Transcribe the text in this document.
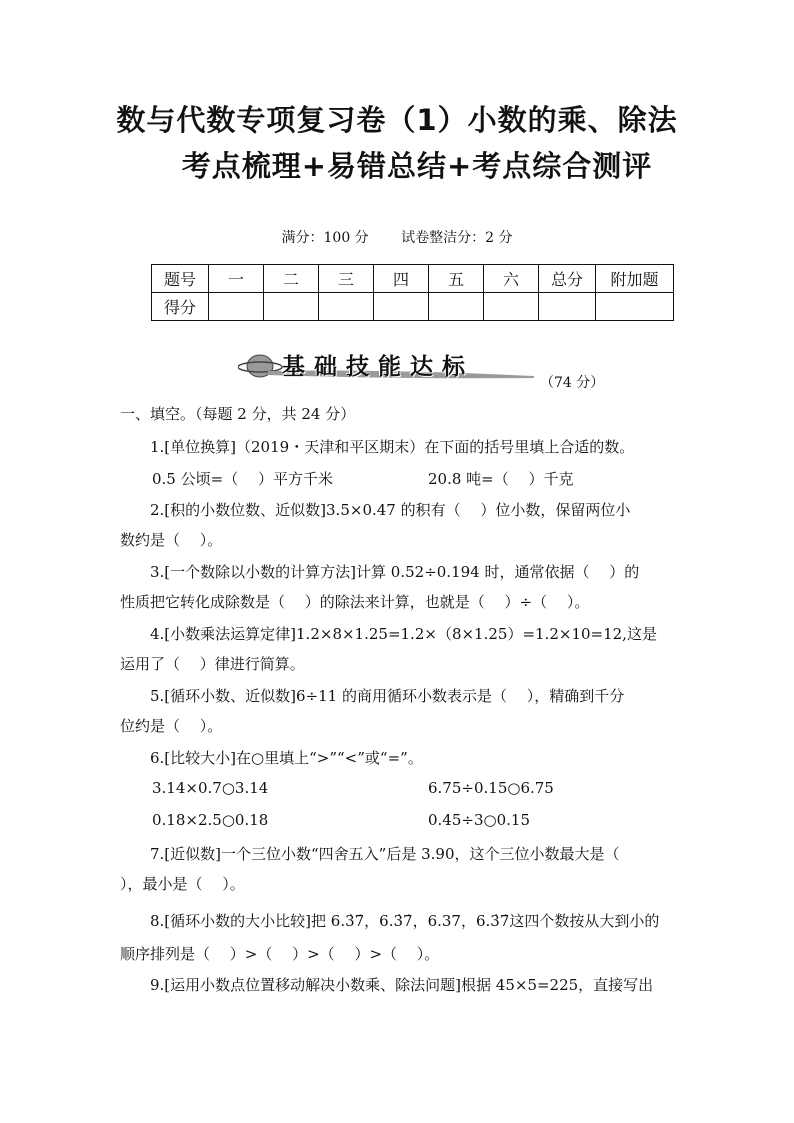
数与代数专项复习卷（1）小数的乘、除法
考点梳理+易错总结+考点综合测评
满分：100 分 试卷整洁分：2 分
题号	一	二	三	四	五	六	总分	附加题
得分								
基础技能达标
（74 分）
一、填空。（每题 2 分，共 24 分）
1.[单位换算]（2019・天津和平区期末）在下面的括号里填上合适的数。
0.5 公顷=（　 ）平方千米	20.8 吨=（　 ）千克
2.[积的小数位数、近似数]3.5×0.47 的积有（　 ）位小数，保留两位小
数约是（　 ）。
3.[一个数除以小数的计算方法]计算 0.52÷0.194 时，通常依据（　 ）的
性质把它转化成除数是（　 ）的除法来计算，也就是（　 ）÷（　 ）。
4.[小数乘法运算定律]1.2×8×1.25=1.2×（8×1.25）=1.2×10=12,这是
运用了（　 ）律进行简算。
5.[循环小数、近似数]6÷11 的商用循环小数表示是（　 ），精确到千分
位约是（　 ）。
6.[比较大小]在○里填上“>”“<”或“=”。
3.14×0.7○3.14	6.75÷0.15○6.75
0.18×2.5○0.18	0.45÷3○0.15
7.[近似数]一个三位小数“四舍五入”后是 3.90，这个三位小数最大是（
），最小是（　 ）。
8.[循环小数的大小比较]把 6.3̇7̇，6.3̇7̇，6.37，6.3̇7̇这四个数按从大到小的
顺序排列是（　 ）>（　 ）>（　 ）>（　 ）。
9.[运用小数点位置移动解决小数乘、除法问题]根据 45×5=225，直接写出
